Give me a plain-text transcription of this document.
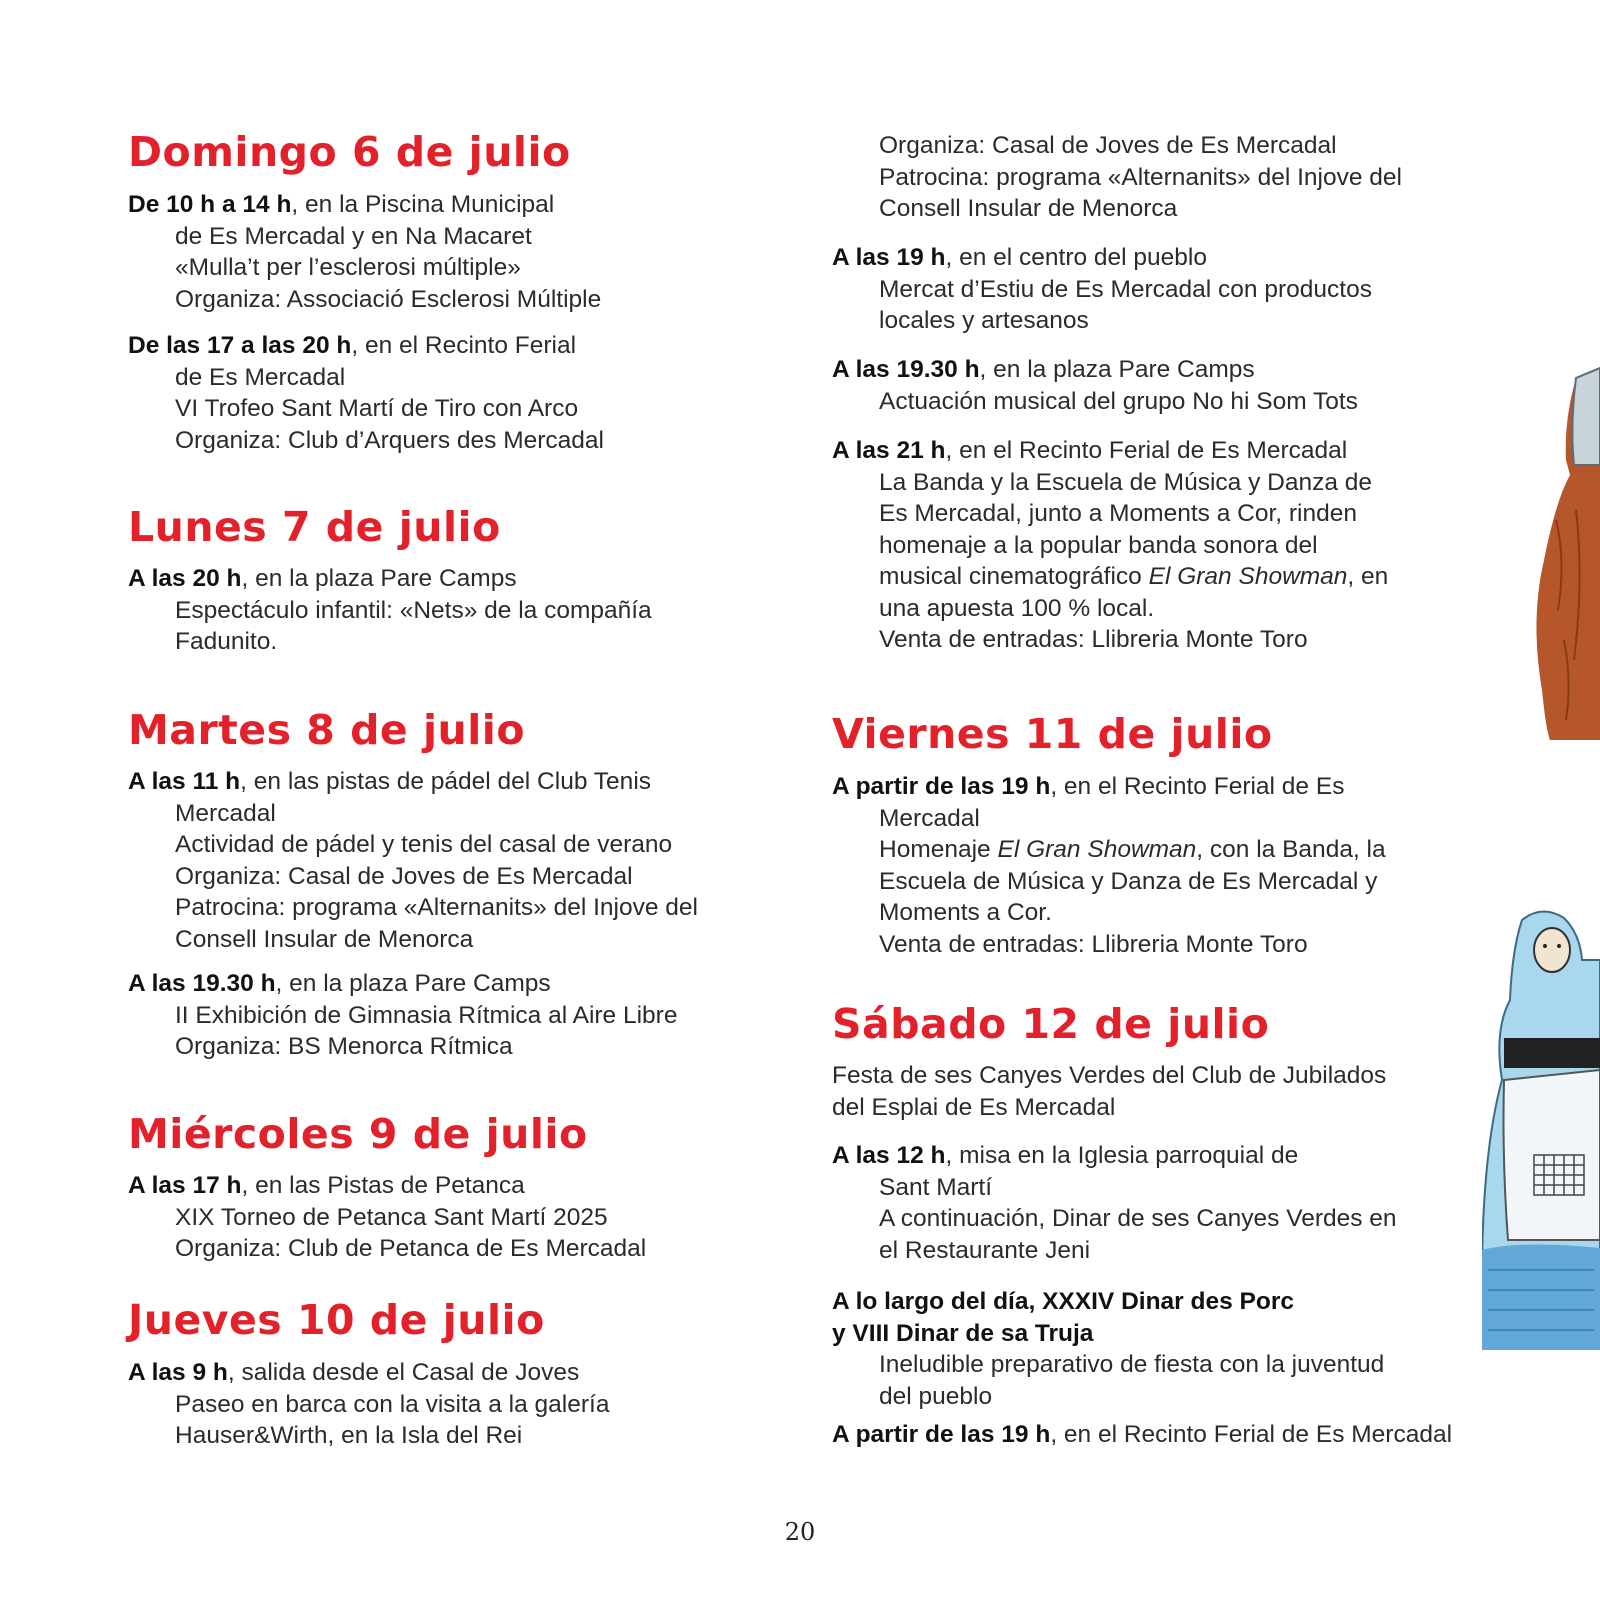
Domingo 6 de julio

De 10 h a 14 h, en la Piscina Municipal

de Es Mercadal y en Na Macaret

«Mulla’t per l’esclerosi múltiple»

Organiza: Associació Esclerosi Múltiple

De las 17 a las 20 h, en el Recinto Ferial

de Es Mercadal

VI Trofeo Sant Martí de Tiro con Arco

Organiza: Club d’Arquers des Mercadal

Lunes 7 de julio

A las 20 h, en la plaza Pare Camps

Espectáculo infantil: «Nets» de la compañía

Fadunito.

Martes 8 de julio

A las 11 h, en las pistas de pádel del Club Tenis

Mercadal

Actividad de pádel y tenis del casal de verano

Organiza: Casal de Joves de Es Mercadal

Patrocina: programa «Alternanits» del Injove del

Consell Insular de Menorca

A las 19.30 h, en la plaza Pare Camps

II Exhibición de Gimnasia Rítmica al Aire Libre

Organiza: BS Menorca Rítmica

Miércoles 9 de julio

A las 17 h, en las Pistas de Petanca

XIX Torneo de Petanca Sant Martí 2025

Organiza: Club de Petanca de Es Mercadal

Jueves 10 de julio

A las 9 h, salida desde el Casal de Joves

Paseo en barca con la visita a la galería

Hauser&Wirth, en la Isla del Rei

Organiza: Casal de Joves de Es Mercadal

Patrocina: programa «Alternanits» del Injove del

Consell Insular de Menorca

A las 19 h, en el centro del pueblo

Mercat d’Estiu de Es Mercadal con productos

locales y artesanos

A las 19.30 h, en la plaza Pare Camps

Actuación musical del grupo No hi Som Tots

A las 21 h, en el Recinto Ferial de Es Mercadal

La Banda y la Escuela de Música y Danza de

Es Mercadal, junto a Moments a Cor, rinden

homenaje a la popular banda sonora del

musical cinematográfico El Gran Showman, en

una apuesta 100 % local.

Venta de entradas: Llibreria Monte Toro

Viernes 11 de julio

A partir de las 19 h, en el Recinto Ferial de Es

Mercadal

Homenaje El Gran Showman, con la Banda, la

Escuela de Música y Danza de Es Mercadal y

Moments a Cor.

Venta de entradas: Llibreria Monte Toro

Sábado 12 de julio

Festa de ses Canyes Verdes del Club de Jubilados

del Esplai de Es Mercadal

A las 12 h, misa en la Iglesia parroquial de

Sant Martí

A continuación, Dinar de ses Canyes Verdes en

el Restaurante Jeni

A lo largo del día, XXXIV Dinar des Porc

y VIII Dinar de sa Truja

Ineludible preparativo de fiesta con la juventud

del pueblo

A partir de las 19 h, en el Recinto Ferial de Es Mercadal

20
